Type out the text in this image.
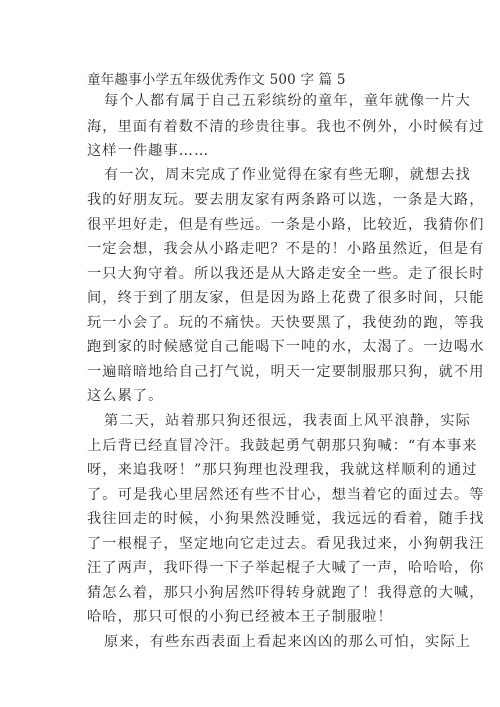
童年趣事小学五年级优秀作文 500 字 篇 5
每个人都有属于自己五彩缤纷的童年，童年就像一片大
海，里面有着数不清的珍贵往事。我也不例外，小时候有过
这样一件趣事……
有一次，周末完成了作业觉得在家有些无聊，就想去找
我的好朋友玩。要去朋友家有两条路可以选，一条是大路，
很平坦好走，但是有些远。一条是小路，比较近，我猜你们
一定会想，我会从小路走吧？不是的！小路虽然近，但是有
一只大狗守着。所以我还是从大路走安全一些。走了很长时
间，终于到了朋友家，但是因为路上花费了很多时间，只能
玩一小会了。玩的不痛快。天快要黑了，我使劲的跑，等我
跑到家的时候感觉自己能喝下一吨的水，太渴了。一边喝水
一遍暗暗地给自己打气说，明天一定要制服那只狗，就不用
这么累了。
第二天，站着那只狗还很远，我表面上风平浪静，实际
上后背已经直冒冷汗。我鼓起勇气朝那只狗喊：“有本事来
呀，来追我呀！”那只狗理也没理我，我就这样顺利的通过
了。可是我心里居然还有些不甘心，想当着它的面过去。等
我往回走的时候，小狗果然没睡觉，我远远的看着，随手找
了一根棍子，坚定地向它走过去。看见我过来，小狗朝我汪
汪了两声，我吓得一下子举起棍子大喊了一声，哈哈哈，你
猜怎么着，那只小狗居然吓得转身就跑了！我得意的大喊，
哈哈，那只可恨的小狗已经被本王子制服啦！
原来，有些东西表面上看起来凶凶的那么可怕，实际上
